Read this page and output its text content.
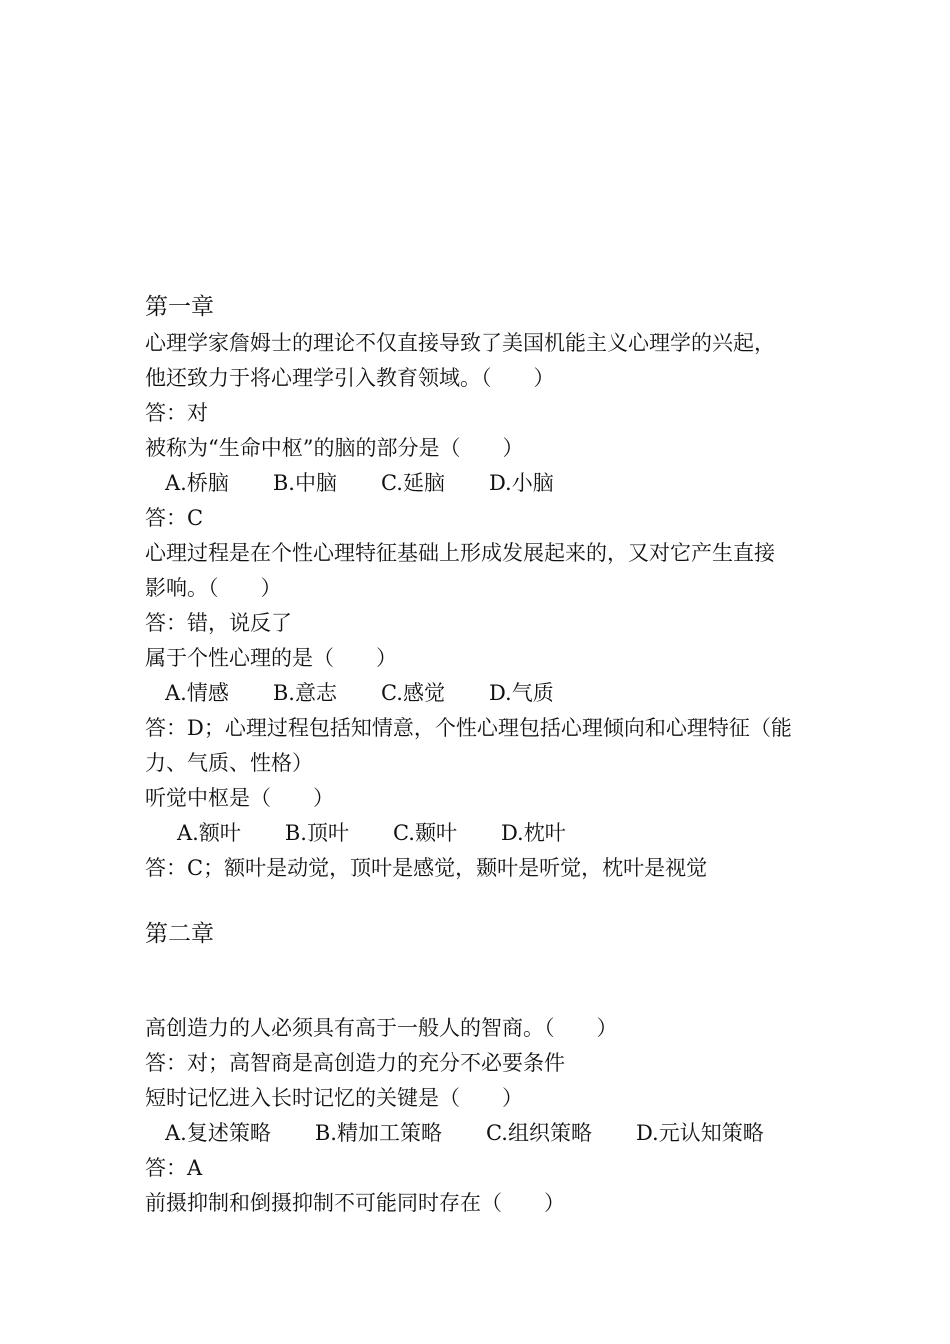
第一章
心理学家詹姆士的理论不仅直接导致了美国机能主义心理学的兴起，
他还致力于将心理学引入教育领域。（　　）
答：对
被称为“生命中枢”的脑的部分是（　　）
A.桥脑 B.中脑 C.延脑 D.小脑
答：C
心理过程是在个性心理特征基础上形成发展起来的，又对它产生直接
影响。（　　）
答：错，说反了
属于个性心理的是（　　）
A.情感 B.意志 C.感觉 D.气质
答：D；心理过程包括知情意，个性心理包括心理倾向和心理特征（能
力、气质、性格）
听觉中枢是（　　）
A.额叶 B.顶叶 C.颞叶 D.枕叶
答：C；额叶是动觉，顶叶是感觉，颞叶是听觉，枕叶是视觉
第二章
高创造力的人必须具有高于一般人的智商。（　　）
答：对；高智商是高创造力的充分不必要条件
短时记忆进入长时记忆的关键是（　　）
A.复述策略 B.精加工策略 C.组织策略 D.元认知策略
答：A
前摄抑制和倒摄抑制不可能同时存在（　　）
